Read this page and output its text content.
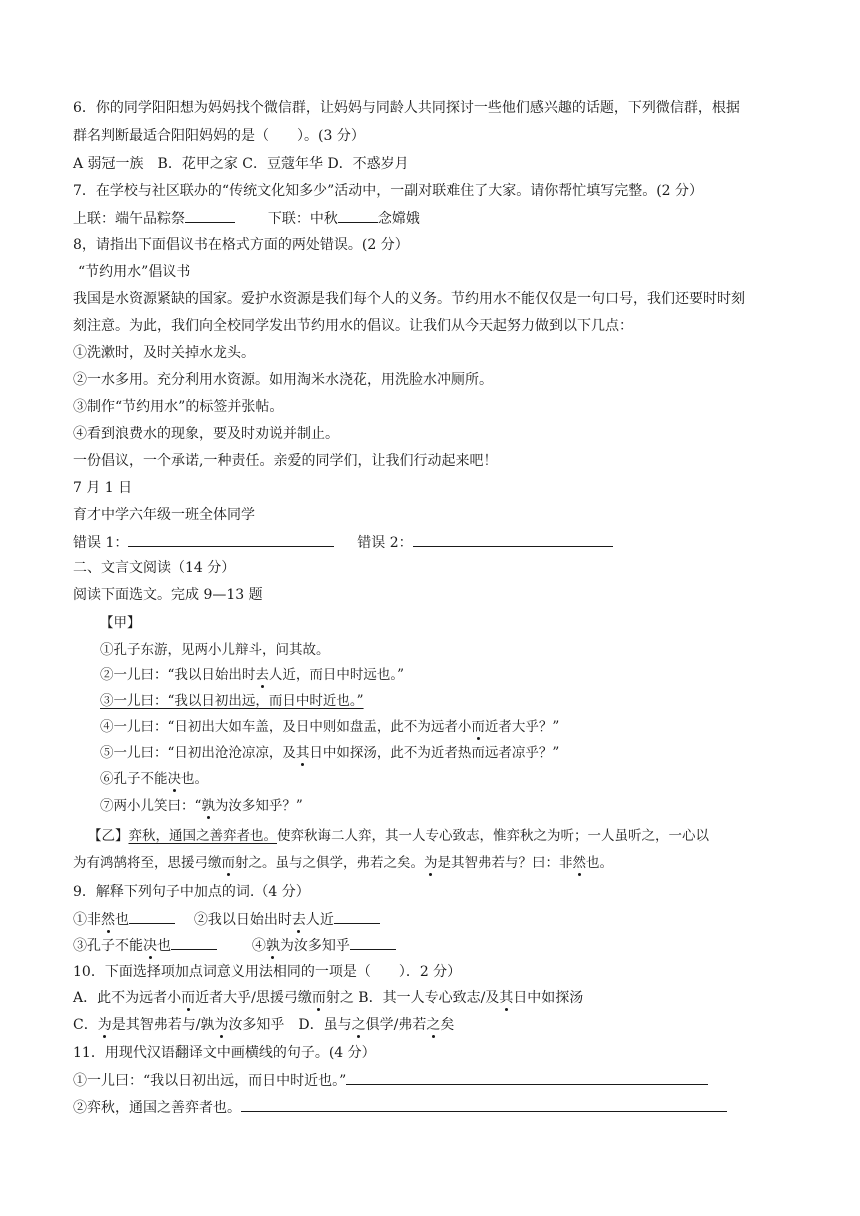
6．你的同学阳阳想为妈妈找个微信群，让妈妈与同龄人共同探讨一些他们感兴趣的话题，下列微信群，根据
群名判断最适合阳阳妈妈的是（　　）。(3 分）
A 弱冠一族　B．花甲之家 C．豆蔻年华 D．不惑岁月
7．在学校与社区联办的“传统文化知多少”活动中，一副对联难住了大家。请你帮忙填写完整。(2 分）
上联：端午品粽祭	下联：中秋	念嫦娥
8，请指出下面倡议书在格式方面的两处错误。(2 分）
“节约用水”倡议书
我国是水资源紧缺的国家。爱护水资源是我们每个人的义务。节约用水不能仅仅是一句口号，我们还要时时刻
刻注意。为此，我们向全校同学发出节约用水的倡议。让我们从今天起努力做到以下几点：
①洗漱时，及时关掉水龙头。
②一水多用。充分利用水资源。如用淘米水浇花，用洗脸水冲厕所。
③制作“节约用水”的标签并张帖。
④看到浪费水的现象，要及时劝说并制止。
一份倡议，一个承诺,一种责任。亲爱的同学们，让我们行动起来吧！
7 月 1 日
育才中学六年级一班全体同学
错误 1：	错误 2：
二、文言文阅读（14 分）
阅读下面选文。完成 9—13 题
【甲】
①孔子东游，见两小儿辩斗，问其故。
②一儿曰：“我以日始出时去人近，而日中时远也。”
③一儿曰：“我以日初出远，而日中时近也。”
④一儿曰：“日初出大如车盖，及日中则如盘盂，此不为远者小而近者大乎？”
⑤一儿曰：“日初出沧沧凉凉，及其日中如探汤，此不为近者热而远者凉乎？”
⑥孔子不能决也。
⑦两小儿笑曰：“孰为汝多知乎？”
【乙】弈秋，通国之善弈者也。使弈秋诲二人弈，其一人专心致志，惟弈秋之为听；一人虽听之，一心以
为有鸿鹄将至，思援弓缴而射之。虽与之俱学，弗若之矣。为是其智弗若与？曰：非然也。
9．解释下列句子中加点的词.（4 分）
①非然也	②我以日始出时去人近
③孔子不能决也	④孰为汝多知乎
10．下面选择项加点词意义用法相同的一项是（　　）．2 分）
A．此不为远者小而近者大乎/思援弓缴而射之 B．其一人专心致志/及其日中如探汤
C．为是其智弗若与/孰为汝多知乎　D．虽与之俱学/弗若之矣
11．用现代汉语翻译文中画横线的句子。(4 分）
①一儿曰：“我以日初出远，而日中时近也。”
②弈秋，通国之善弈者也。
